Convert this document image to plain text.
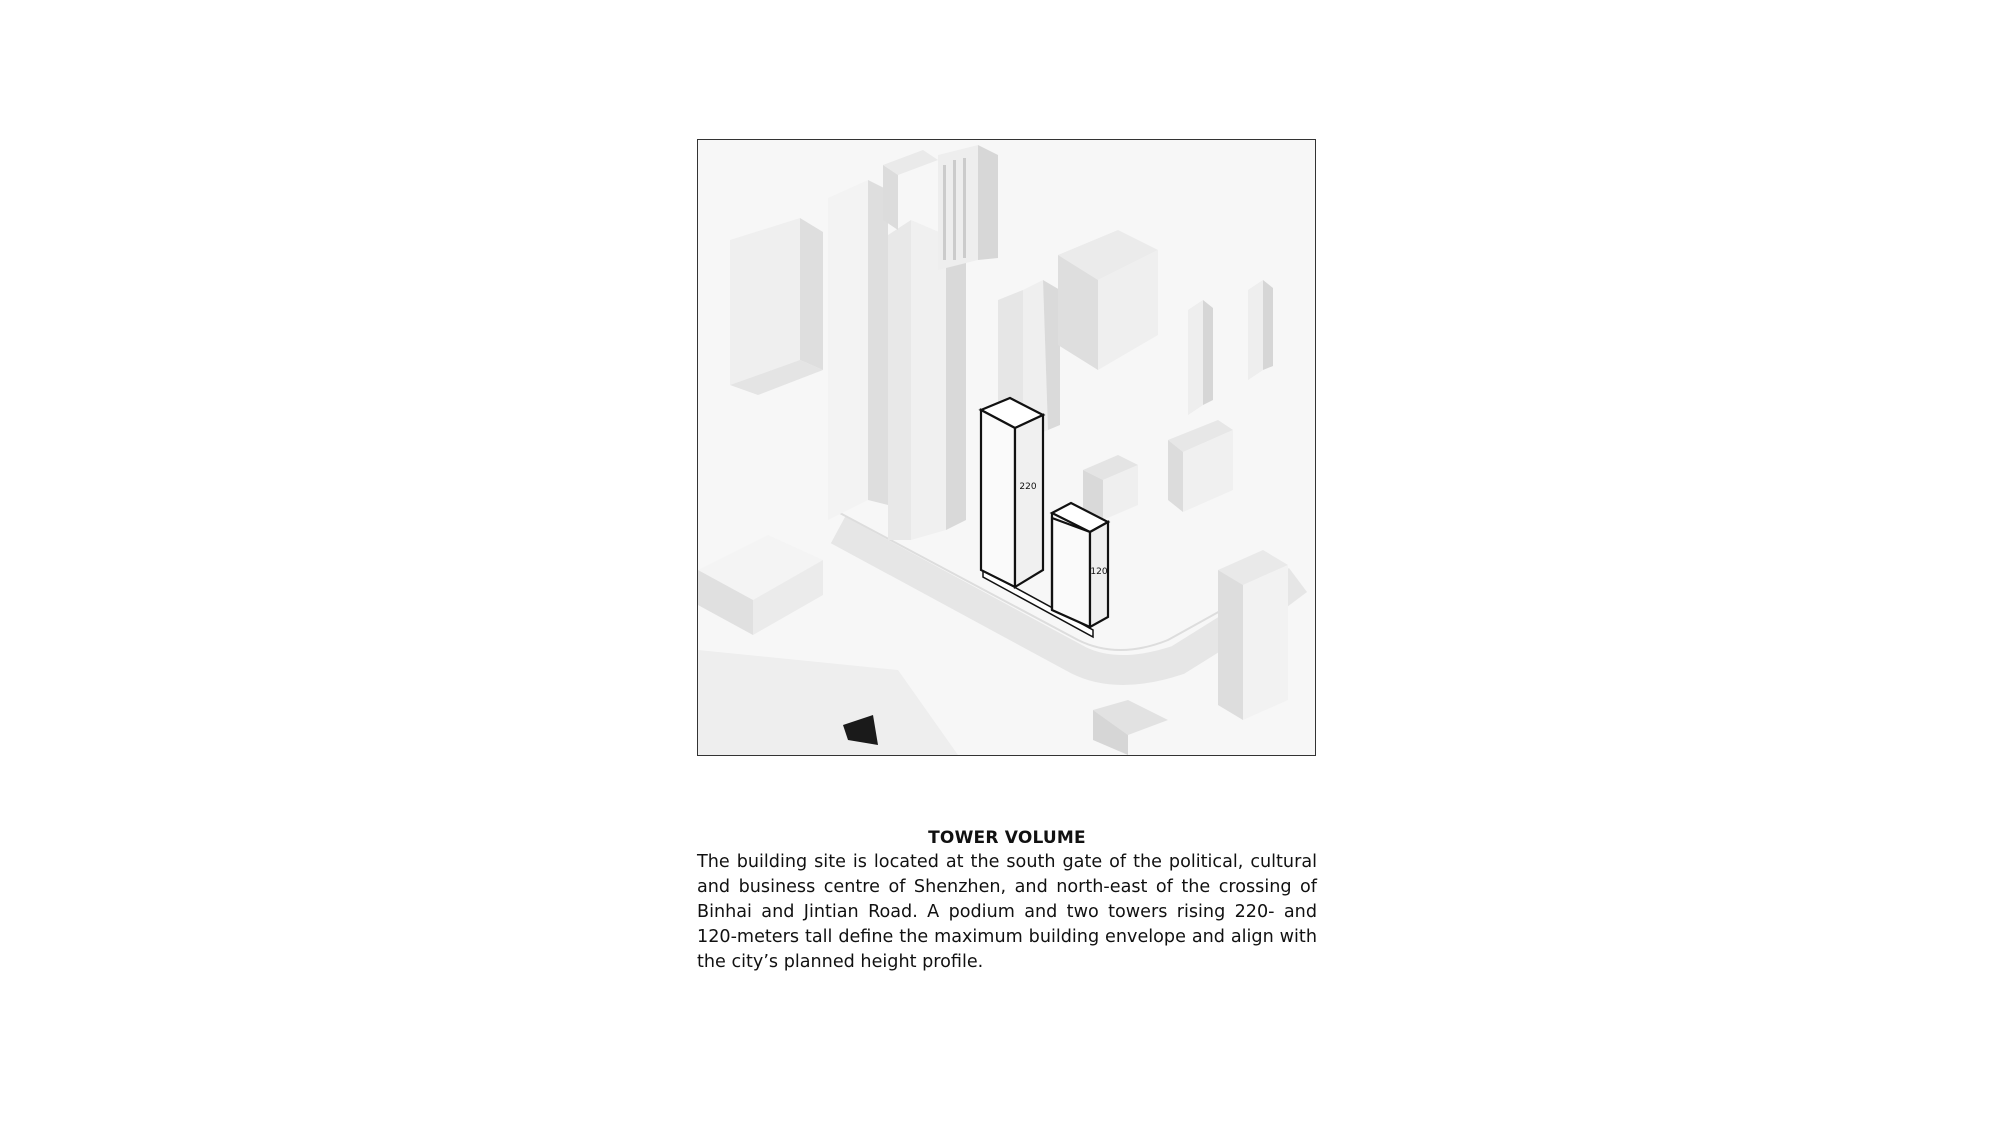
220
120
TOWER VOLUME

The building site is located at the south gate of the political, cultural and business centre of Shenzhen, and north-east of the crossing of Binhai and Jintian Road. A podium and two towers rising 220- and 120-meters tall define the maximum building envelope and align with the city’s planned height profile.
